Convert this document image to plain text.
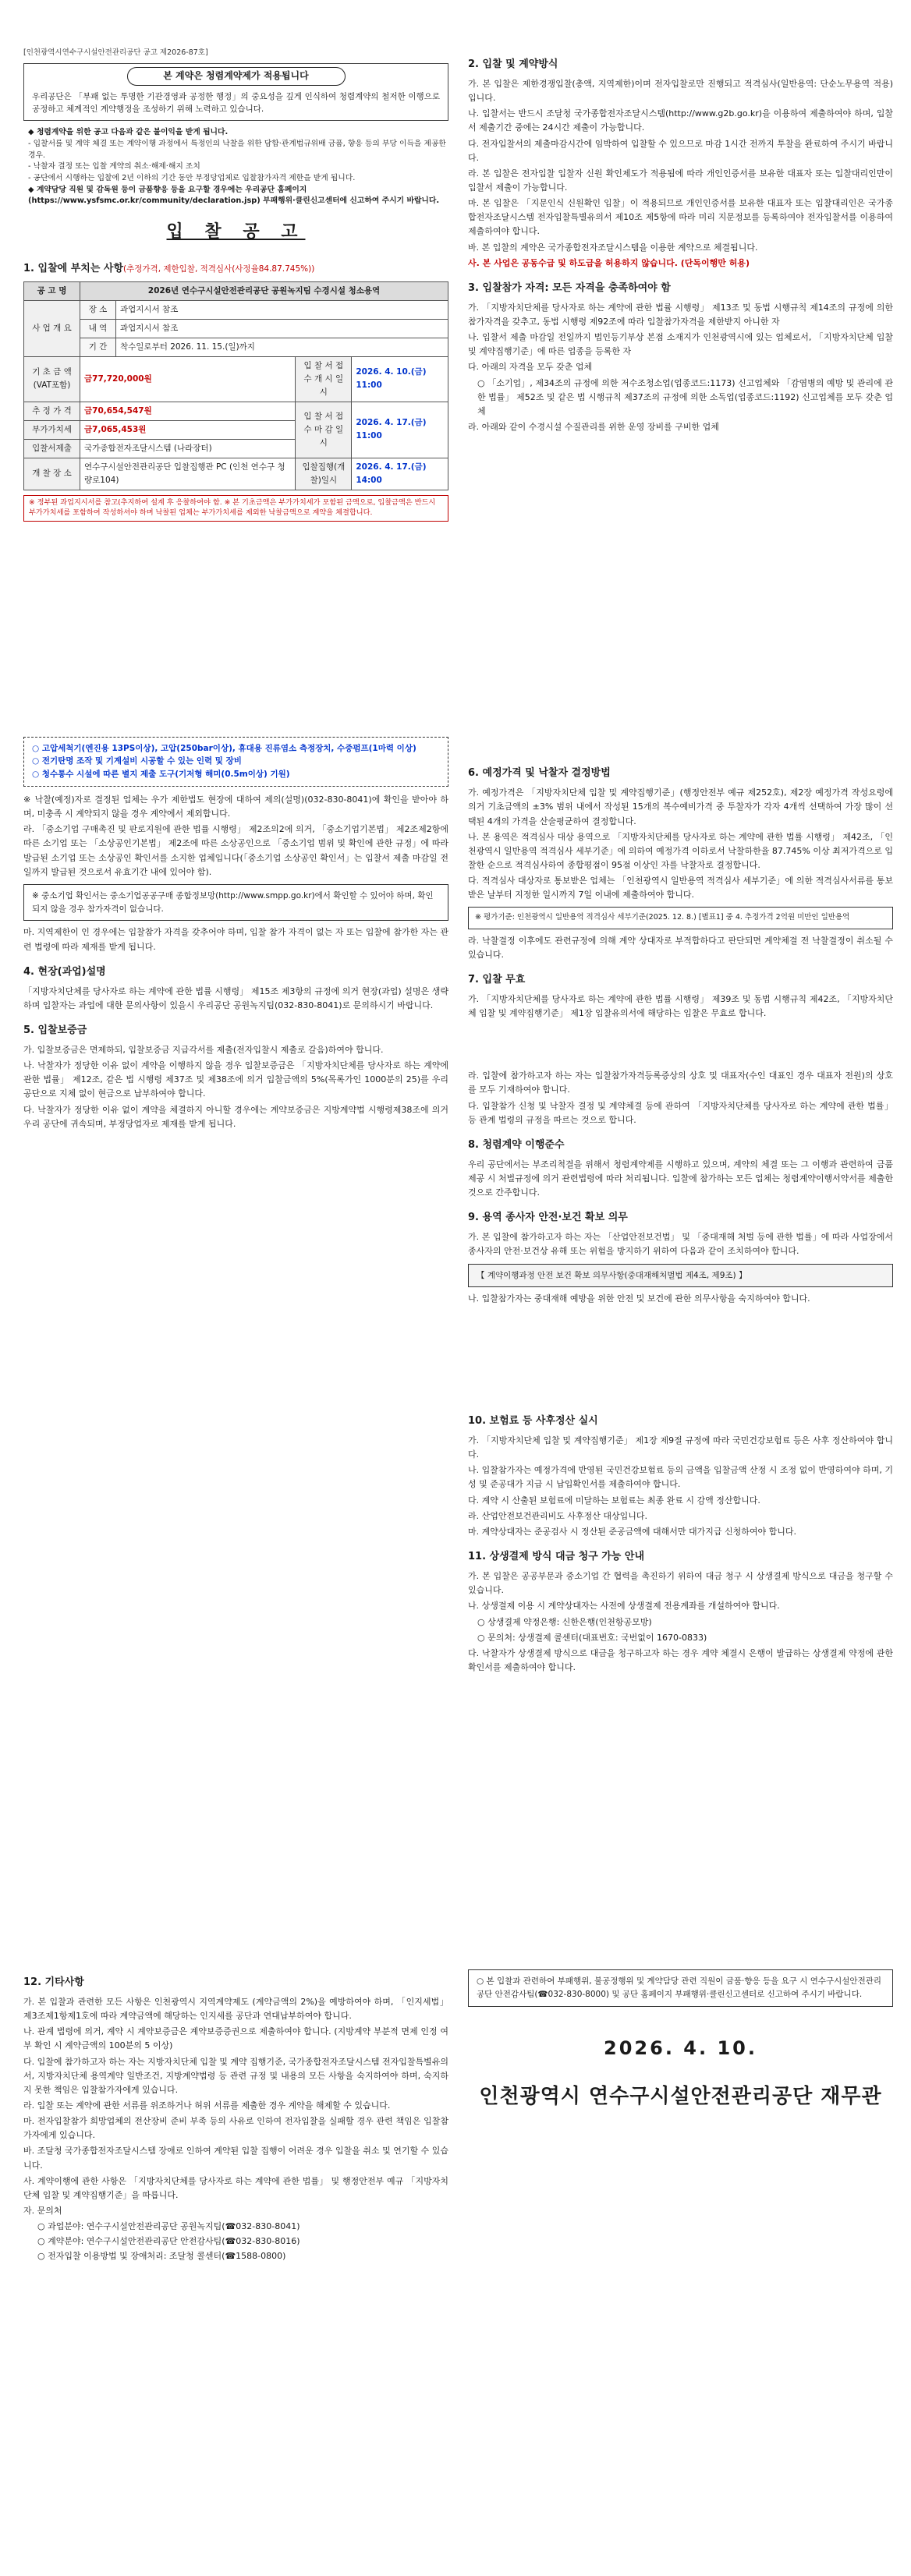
[인천광역시연수구시설안전관리공단 공고 제2026-87호]
본 계약은 청렴계약제가 적용됩니다
우리공단은 「부패 없는 투명한 기관경영과 공정한 행정」의 중요성을 깊게 인식하여 청렴계약의 철저한 이행으로 공정하고 체계적인 계약행정을 조성하기 위해 노력하고 있습니다.
◆ 청렴계약을 위한 공고 다음과 같은 불이익을 받게 됩니다.
- 입찰서를 및 계약 체결 또는 계약이행 과정에서 특정인의 낙찰을 위한 담합·관계법규위배 금품, 향응 등의 부당 이득을 제공한 경우.
- 낙찰자 결정 또는 입찰 계약의 취소·해제·해지 조치
- 공단에서 시행하는 입찰에 2년 이하의 기간 동안 부정당업체로 입찰참가자격 제한을 받게 됩니다.
◆ 계약담당 직원 및 감독원 등이 금품향응 등을 요구할 경우에는 우리공단 홈페이지 (https://www.ysfsmc.or.kr/community/declaration.jsp) 부패행위·클린신고센터에 신고하여 주시기 바랍니다.
입 찰 공 고
1. 입찰에 부치는 사항(추정가격, 제한입찰, 적격심사(사정율84.87.745%))
공 고 명	2026년 연수구시설안전관리공단 공원녹지팀 수경시설 청소용역			
사 업 개 요	장 소	과업지시서 참조		
	내 역	과업지시서 참조		
	기 간	착수일로부터 2026. 11. 15.(일)까지		
기 초 금 액 (VAT포함)	금77,720,000원		입 찰 서 접 수 개 시 일 시	2026. 4. 10.(금) 11:00
추 정 가 격	금70,654,547원		입 찰 서 접 수 마 감 일 시	2026. 4. 17.(금) 11:00
부가가치세	금7,065,453원			
입찰서제출	국가종합전자조달시스템 (나라장터)			
개 찰 장 소	연수구시설안전관리공단 입찰집행관 PC (인천 연수구 청량로104)		입찰집행(개찰)일시	2026. 4. 17.(금) 14:00
※ 정부된 과업지시서를 참고(추지하여 설계 후 응찰하여야 함. ※ 본 기초금액은 부가가치세가 포함된 금액으로, 입찰금액은 반드시 부가가치세를 포함하여 작성하셔야 하며 낙찰된 업체는 부가가치세를 제외한 낙찰금액으로 계약을 체결합니다.
○ 고압세척기(엔진용 13PS이상), 고압(250bar이상), 휴대용 진류염소 측정장치, 수중펌프(1마력 이상)
○ 전기탄명 조작 및 기계설비 시공할 수 있는 인력 및 장비
○ 청수통수 시설에 따른 별지 제출 도구(기저형 해미(0.5m이상) 기원)
※ 낙찰(예정)자로 결정된 업체는 우가 제한법도 현장에 대하여 제의(설명)(032-830-8041)에 확인을 받아야 하며, 미충족 시 계약되지 않을 경우 계약에서 제외합니다.
라. 「중소기업 구매촉진 및 판로지원에 관한 법률 시행령」 제2조의2에 의거, 「중소기업기본법」 제2조제2항에 따른 소기업 또는 「소상공인기본법」 제2조에 따른 소상공인으로 「중소기업 범위 및 확인에 관한 규정」에 따라 발급된 소기업 또는 소상공인 확인서를 소지한 업체입니다(「중소기업 소상공인 확인서」는 입찰서 제출 마감일 전일까지 발급된 것으로서 유효기간 내에 있어야 함).
※ 중소기업 확인서는 중소기업공공구매 종합정보망(http://www.smpp.go.kr)에서 확인할 수 있어야 하며, 확인되지 않을 경우 참가자격이 없습니다.
마. 지역제한이 인 경우에는 입찰참가 자격을 갖추어야 하며, 입찰 참가 자격이 없는 자 또는 입찰에 참가한 자는 관련 법령에 따라 제재를 받게 됩니다.
4. 현장(과업)설명
「지방자치단체를 당사자로 하는 계약에 관한 법률 시행령」 제15조 제3항의 규정에 의거 현장(과업) 설명은 생략하며 입찰자는 과업에 대한 문의사항이 있을시 우리공단 공원녹지팀(032-830-8041)로 문의하시기 바랍니다.
5. 입찰보증금
가. 입찰보증금은 면제하되, 입찰보증금 지급각서를 제출(전자입찰시 제출로 갈음)하여야 합니다.
나. 낙찰자가 정당한 이유 없이 계약을 이행하지 않을 경우 입찰보증금은 「지방자치단체를 당사자로 하는 계약에 관한 법률」 제12조, 같은 법 시행령 제37조 및 제38조에 의거 입찰금액의 5%(목록가인 1000분의 25)를 우리공단으로 지체 없이 현금으로 납부하여야 합니다.
다. 낙찰자가 정당한 이유 없이 계약을 체결하지 아니할 경우에는 계약보증금은 지방계약법 시행령제38조에 의거 우리 공단에 귀속되며, 부정당업자로 제재를 받게 됩니다.
2. 입찰 및 계약방식
가. 본 입찰은 제한경쟁입찰(총액, 지역제한)이며 전자입찰로만 진행되고 적격심사(일반용역: 단순노무용역 적용)입니다.
나. 입찰서는 반드시 조달청 국가종합전자조달시스템(http://www.g2b.go.kr)을 이용하여 제출하여야 하며, 입찰서 제출기간 중에는 24시간 제출이 가능합니다.
다. 전자입찰서의 제출마감시간에 임박하여 입찰할 수 있으므로 마감 1시간 전까지 투찰을 완료하여 주시기 바랍니다.
라. 본 입찰은 전자입찰 입찰자 신원 확인제도가 적용됨에 따라 개인인증서를 보유한 대표자 또는 입찰대리인만이 입찰서 제출이 가능합니다.
마. 본 입찰은 「지문인식 신원확인 입찰」이 적용되므로 개인인증서를 보유한 대표자 또는 입찰대리인은 국가종합전자조달시스템 전자입찰특별유의서 제10조 제5항에 따라 미리 지문정보를 등록하여야 전자입찰서를 이용하여 제출하여야 합니다.
바. 본 입찰의 계약은 국가종합전자조달시스템을 이용한 계약으로 체결됩니다.
사. 본 사업은 공동수급 및 하도급을 허용하지 않습니다. (단독이행만 허용)
3. 입찰참가 자격: 모든 자격을 충족하여야 함
가. 「지방자치단체를 당사자로 하는 계약에 관한 법률 시행령」 제13조 및 동법 시행규칙 제14조의 규정에 의한 참가자격을 갖추고, 동법 시행령 제92조에 따라 입찰참가자격을 제한받지 아니한 자
나. 입찰서 제출 마감일 전일까지 법인등기부상 본점 소재지가 인천광역시에 있는 업체로서, 「지방자치단체 입찰 및 계약집행기준」에 따른 업종을 등록한 자
다. 아래의 자격을 모두 갖춘 업체
○ 「소기업」, 제34조의 규정에 의한 저수조청소업(업종코드:1173) 신고업체와 「감염병의 예방 및 관리에 관한 법률」 제52조 및 같은 법 시행규칙 제37조의 규정에 의한 소독업(업종코드:1192) 신고업체를 모두 갖춘 업체
라. 아래와 같이 수경시설 수질관리를 위한 운영 장비를 구비한 업체
6. 예정가격 및 낙찰자 결정방법
가. 예정가격은 「지방자치단체 입찰 및 계약집행기준」(행정안전부 예규 제252호), 제2장 예정가격 작성요령에 의거 기초금액의 ±3% 범위 내에서 작성된 15개의 복수예비가격 중 투찰자가 각자 4개씩 선택하여 가장 많이 선택된 4개의 가격을 산술평균하여 결정합니다.
나. 본 용역은 적격심사 대상 용역으로 「지방자치단체를 당사자로 하는 계약에 관한 법률 시행령」 제42조, 「인천광역시 일반용역 적격심사 세부기준」에 의하여 예정가격 이하로서 낙찰하한율 87.745% 이상 최저가격으로 입찰한 순으로 적격심사하여 종합평점이 95점 이상인 자를 낙찰자로 결정합니다.
다. 적격심사 대상자로 통보받은 업체는 「인천광역시 일반용역 적격심사 세부기준」에 의한 적격심사서류를 통보받은 날부터 지정한 일시까지 7일 이내에 제출하여야 합니다.
※ 평가기준: 인천광역시 일반용역 적격심사 세부기준(2025. 12. 8.) [별표1] 중 4. 추정가격 2억원 미만인 일반용역
라. 낙찰결정 이후에도 관련규정에 의해 계약 상대자로 부적합하다고 판단되면 계약체결 전 낙찰결정이 취소될 수 있습니다.
7. 입찰 무효
가. 「지방자치단체를 당사자로 하는 계약에 관한 법률 시행령」 제39조 및 동법 시행규칙 제42조, 「지방자치단체 입찰 및 계약집행기준」 제1장 입찰유의서에 해당하는 입찰은 무효로 합니다.
라. 입찰에 참가하고자 하는 자는 입찰참가자격등록증상의 상호 및 대표자(수인 대표인 경우 대표자 전원)의 상호를 모두 기재하여야 합니다.
다. 입찰참가 신청 및 낙찰자 결정 및 계약체결 등에 관하여 「지방자치단체를 당사자로 하는 계약에 관한 법률」 등 관계 법령의 규정을 따르는 것으로 합니다.
8. 청렴계약 이행준수
우리 공단에서는 부조리척결을 위해서 청렴계약제를 시행하고 있으며, 계약의 체결 또는 그 이행과 관련하여 금품 제공 시 처벌규정에 의거 관련법령에 따라 처리됩니다. 입찰에 참가하는 모든 업체는 청렴계약이행서약서를 제출한 것으로 간주합니다.
9. 용역 종사자 안전·보건 확보 의무
가. 본 입찰에 참가하고자 하는 자는 「산업안전보건법」 및 「중대재해 처벌 등에 관한 법률」에 따라 사업장에서 종사자의 안전·보건상 유해 또는 위험을 방지하기 위하여 다음과 같이 조치하여야 합니다.
【 계약이행과정 안전 보건 확보 의무사항(중대재해처벌법 제4조, 제9조) 】
나. 입찰참가자는 중대재해 예방을 위한 안전 및 보건에 관한 의무사항을 숙지하여야 합니다.
10. 보험료 등 사후정산 실시
가. 「지방자치단체 입찰 및 계약집행기준」 제1장 제9절 규정에 따라 국민건강보험료 등은 사후 정산하여야 합니다.
나. 입찰참가자는 예정가격에 반영된 국민건강보험료 등의 금액을 입찰금액 산정 시 조정 없이 반영하여야 하며, 기성 및 준공대가 지급 시 납입확인서를 제출하여야 합니다.
다. 계약 시 산출된 보험료에 미달하는 보험료는 최종 완료 시 감액 정산합니다.
라. 산업안전보건관리비도 사후정산 대상입니다.
마. 계약상대자는 준공검사 시 정산된 준공금액에 대해서만 대가지급 신청하여야 합니다.
11. 상생결제 방식 대금 청구 가능 안내
가. 본 입찰은 공공부문과 중소기업 간 협력을 촉진하기 위하여 대금 청구 시 상생결제 방식으로 대금을 청구할 수 있습니다.
나. 상생결제 이용 시 계약상대자는 사전에 상생결제 전용계좌를 개설하여야 합니다.
○ 상생결제 약정은행: 신한은행(인천항공모방)
○ 문의처: 상생결제 콜센터(대표번호: 국번없이 1670-0833)
다. 낙찰자가 상생결제 방식으로 대금을 청구하고자 하는 경우 계약 체결시 은행이 발급하는 상생결제 약정에 관한 확인서를 제출하여야 합니다.
12. 기타사항
가. 본 입찰과 관련한 모든 사항은 인천광역시 지역계약제도 (계약금액의 2%)을 예방하여야 하며, 「인지세법」 제3조제1항제1호에 따라 계약금액에 해당하는 인지세를 공단과 연대납부하여야 합니다.
나. 관계 법령에 의거, 계약 시 계약보증금은 계약보증증권으로 제출하여야 합니다. (지방계약 부분적 면제 인정 여부 확인 시 계약금액의 100분의 5 이상)
다. 입찰에 참가하고자 하는 자는 지방자치단체 입찰 및 계약 집행기준, 국가종합전자조달시스템 전자입찰특별유의서, 지방자치단체 용역계약 일반조건, 지방계약법령 등 관련 규정 및 내용의 모든 사항을 숙지하여야 하며, 숙지하지 못한 책임은 입찰참가자에게 있습니다.
라. 입찰 또는 계약에 관한 서류를 위조하거나 허위 서류를 제출한 경우 계약을 해제할 수 있습니다.
마. 전자입찰참가 희망업체의 전산장비 준비 부족 등의 사유로 인하여 전자입찰을 실패할 경우 관련 책임은 입찰참가자에게 있습니다.
바. 조달청 국가종합전자조달시스템 장애로 인하여 계약된 입찰 집행이 어려운 경우 입찰을 취소 및 연기할 수 있습니다.
사. 계약이행에 관한 사항은 「지방자치단체를 당사자로 하는 계약에 관한 법률」 및 행정안전부 예규 「지방자치단체 입찰 및 계약집행기준」을 따릅니다.
자. 문의처
○ 과업분야: 연수구시설안전관리공단 공원녹지팀(☎032-830-8041)
○ 계약분야: 연수구시설안전관리공단 안전감사팀(☎032-830-8016)
○ 전자입찰 이용방법 및 장애처리: 조달청 콜센터(☎1588-0800)
○ 본 입찰과 관련하여 부패행위, 불공정행위 및 계약담당 관련 직원이 금품·향응 등을 요구 시 연수구시설안전관리공단 안전감사팀(☎032-830-8000) 및 공단 홈페이지 부패행위·클린신고센터로 신고하여 주시기 바랍니다.
2026. 4. 10.
인천광역시 연수구시설안전관리공단 재무관
